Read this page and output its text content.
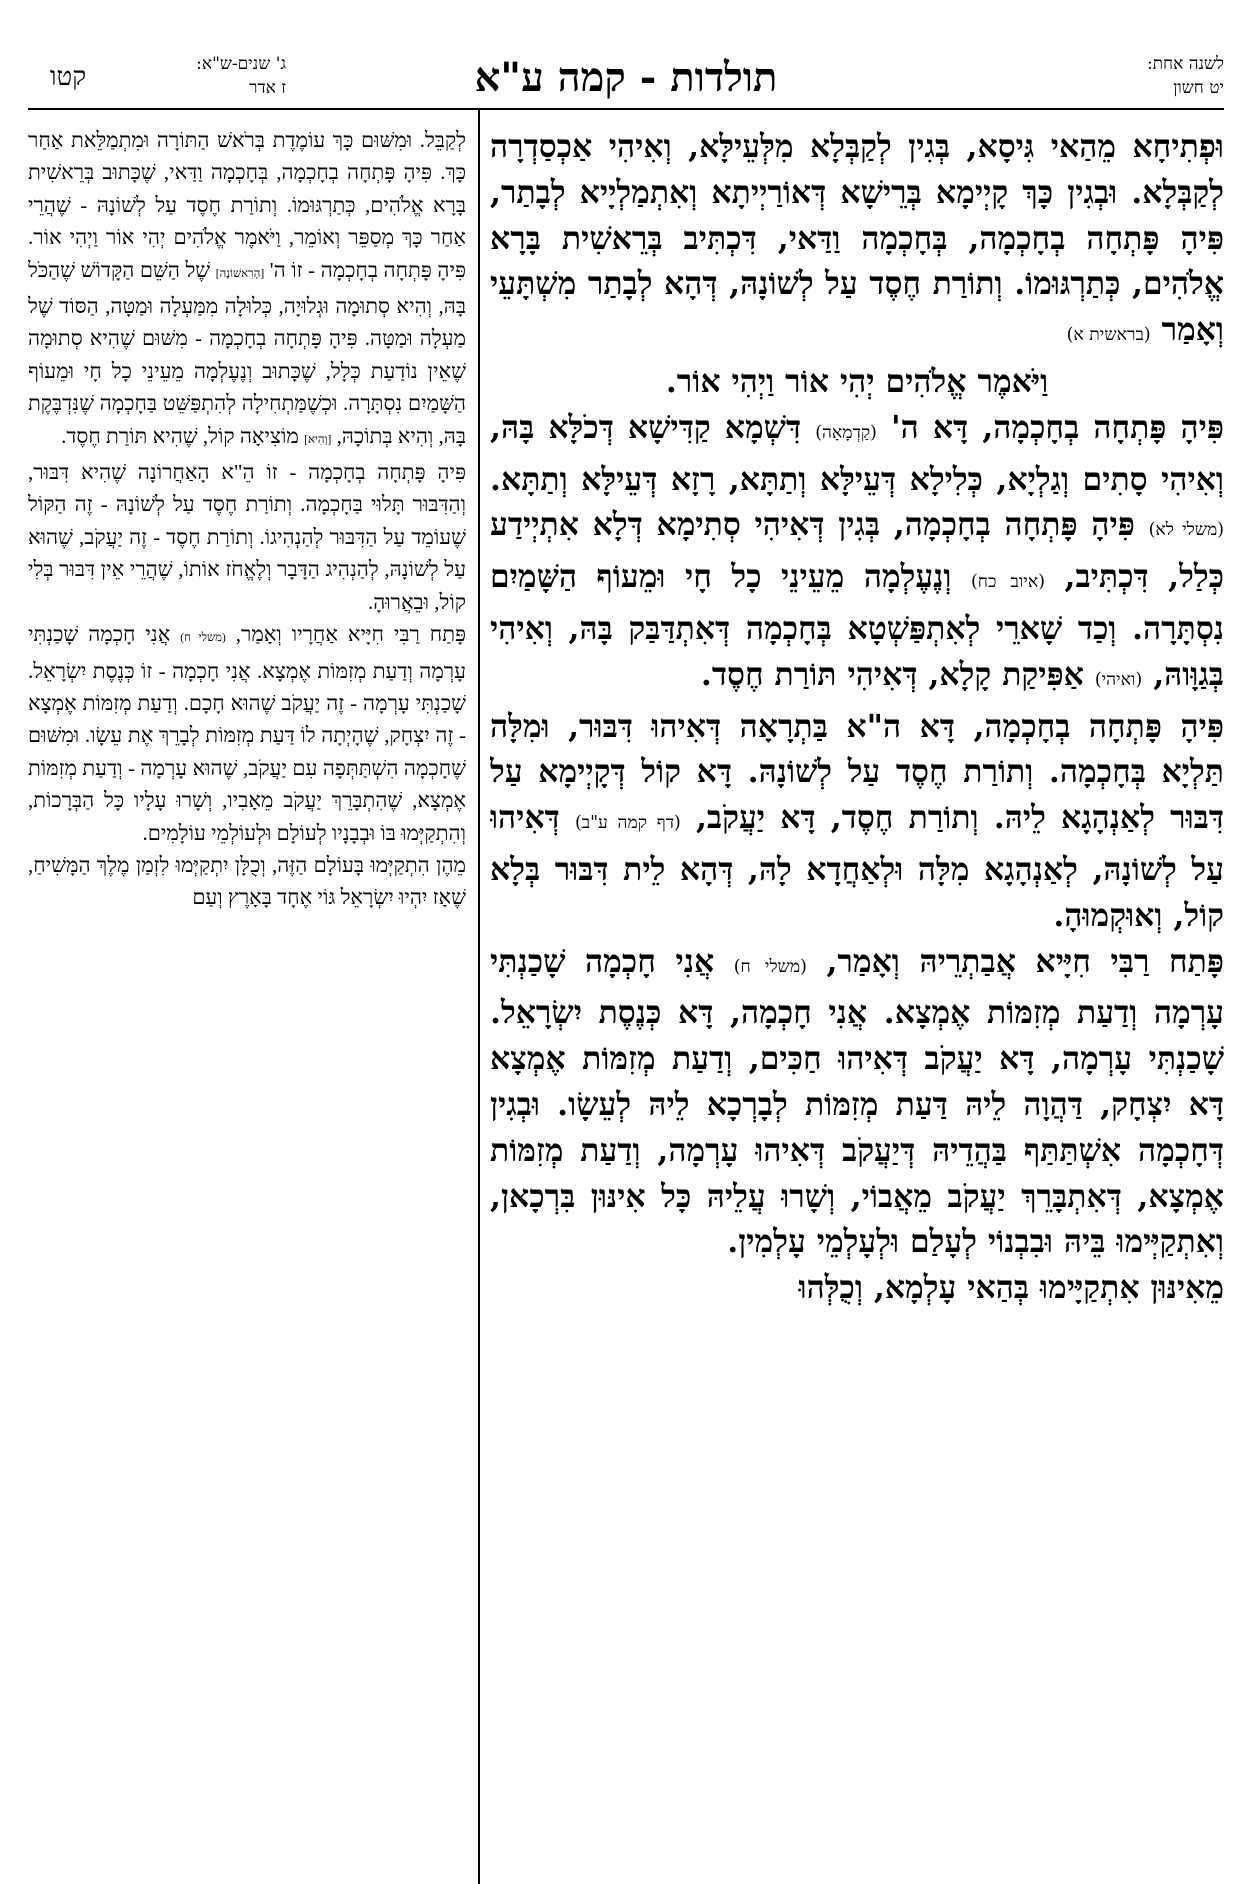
לשנה אחת:
יט חשון
תולדות - קמה ע"א
ג' שנים-ש"א:
ז אדר
קטו

וּפְתִיחָא מֵהַאי גִּיסָא, בְּגִין לְקַבְּלָא מִלְּעֵילָּא, וְאִיהִי אַכְסַדְרָה לְקַבְּלָא. וּבְגִין כָּךְ קָיְימָא בְּרֵישָׁא דְּאוֹרַיְיתָא וְאִתְמַלְיָיא לְבָתַר, פִּיהָ פָּתְחָה בְחָכְמָה, בְּחָכְמָה וַדַּאי, דִּכְתִּיב בְּרֵאשִׁית בָּרָא אֱלֹהִים, כְּתַרְגּוּמוֹ. וְתוֹרַת חֶסֶד עַל לְשׁוֹנָהּ, דְּהָא לְבָתַר מִשְׁתָּעֵי וְאָמַר (בראשית א)

וַיֹּאמֶר אֱלֹהִים יְהִי אוֹר וַיְהִי אוֹר.

פִּיהָ פָּתְחָה בְחָכְמָה, דָּא ה' (קַדְמָאָה) דִּשְׁמָא קַדִּישָׁא דְּכֹלָּא בָּהּ, וְאִיהִי סָתִים וְגַלְיָא, כְּלִילָא דְּעֵילָּא וְתַתָּא, רָזָא דְּעֵילָּא וְתַתָּא. (משלי לא) פִּיהָ פָּתְחָה בְחָכְמָה, בְּגִין דְּאִיהִי סְתִימָא דְּלָא אִתְיְידַע כְּלַל, דִּכְתִּיב, (איוב כח) וְנֶעֶלְמָה מֵעֵינֵי כָל חָי וּמֵעוֹף הַשָּׁמַיִם נִסְתָּרָה. וְכַד שָׁארֵי לְאִתְפַּשְׁטָא בְּחָכְמָה דְּאִתְדַּבַּק בָּהּ, וְאִיהִי בְּגַוָּוהּ, (ואיהי) אַפִּיקַת קָלָא, דְּאִיהִי תּוֹרַת חֶסֶד.

פִּיהָ פָּתְחָה בְחָכְמָה, דָּא ה"א בַּתְרָאָה דְּאִיהוּ דִּבּוּר, וּמִלָּה תַּלְיָא בְּחָכְמָה. וְתוֹרַת חֶסֶד עַל לְשׁוֹנָהּ. דָּא קוֹל דְּקָיְימָא עַל דִּבּוּר לְאַנְהָגָא לֵיהּ. וְתוֹרַת חֶסֶד, דָּא יַעֲקֹב, (דף קמה ע"ב) דְּאִיהוּ עַל לְשׁוֹנָהּ, לְאַנְהָגָא מִלָּה וּלְאַחֲדָא לָהּ, דְּהָא לֵית דִּבּוּר בְּלָא קוֹל, וְאוּקְמוּהָ.

פָּתַח רַבִּי חִיָּיא אֲבַתְרֵיהּ וְאָמַר, (משלי ח) אֲנִי חָכְמָה שָׁכַנְתִּי עָרְמָה וְדַעַת מְזִמּוֹת אֶמְצָא. אֲנִי חָכְמָה, דָּא כְּנֶסֶת יִשְׂרָאֵל. שָׁכַנְתִּי עָרְמָה, דָּא יַעֲקֹב דְּאִיהוּ חַכִּים, וְדַעַת מְזִמּוֹת אֶמְצָא דָּא יִצְחָק, דַּהֲוָה לֵיהּ דַּעַת מְזִמּוֹת לְבָרְכָא לֵיהּ לְעֵשָׂו. וּבְגִין דְּחָכְמָה אִשְׁתַּתַּף בַּהֲדֵיהּ דְּיַעֲקֹב דְּאִיהוּ עָרְמָה, וְדַעַת מְזִמּוֹת אֶמְצָא, דְּאִתְבָּרֵךְ יַעֲקֹב מֵאֲבוֹי, וְשָׁרוּ עֲלֵיהּ כָּל אִינּוּן בִּרְכָאן, וְאִתְקַיְּימוּ בֵּיהּ וּבִבְנוֹי לְעָלַם וּלְעָלְמֵי עָלְמִין.

מֵאִינּוּן אִתְקַיָּימוּ בְּהַאי עָלְמָא, וְכֻלְּהוּ

לְקַבֵּל. וּמִשּׁוּם כָּךְ עוֹמֶדֶת בְּרֹאשׁ הַתּוֹרָה וּמִתְמַלֵּאת אַחַר כָּךְ. פִּיהָ פָּתְחָה בְחָכְמָה, בְּחָכְמָה וַדַּאי, שֶׁכָּתוּב בְּרֵאשִׁית בָּרָא אֱלֹהִים, כְּתַרְגּוּמוֹ. וְתוֹרַת חֶסֶד עַל לְשׁוֹנָהּ - שֶׁהֲרֵי אַחַר כָּךְ מְסַפֵּר וְאוֹמֵר, וַיֹּאמֶר אֱלֹהִים יְהִי אוֹר וַיְהִי אוֹר. פִּיהָ פָּתְחָה בְחָכְמָה - זוֹ ה' [הָרִאשׁוֹנָה] שֶׁל הַשֵּׁם הַקָּדוֹשׁ שֶׁהַכֹּל בָּהּ, וְהִיא סְתוּמָה וּגְלוּיָה, כְּלוּלָה מִמַּעְלָה וּמַטָּה, הַסּוֹד שֶׁל מַעְלָה וּמַטָּה. פִּיהָ פָּתְחָה בְחָכְמָה - מִשּׁוּם שֶׁהִיא סְתוּמָה שֶׁאֵין נוֹדַעַת כְּלָל, שֶׁכָּתוּב וְנֶעֶלְמָה מֵעֵינֵי כָל חָי וּמֵעוֹף הַשָּׁמַיִם נִסְתָּרָה. וּכְשֶׁמַּתְחִילָה לְהִתְפַּשֵּׁט בַּחָכְמָה שֶׁנִּדְבֶּקֶת בָּהּ, וְהִיא בְּתוֹכָהּ, [וְהִיא] מוֹצִיאָה קוֹל, שֶׁהִיא תּוֹרַת חֶסֶד.

פִּיהָ פָּתְחָה בְחָכְמָה - זוֹ הֵ"א הָאַחֲרוֹנָה שֶׁהִיא דִּבּוּר, וְהַדִּבּוּר תָּלוּי בַּחָכְמָה. וְתוֹרַת חֶסֶד עַל לְשׁוֹנָהּ - זֶה הַקּוֹל שֶׁעוֹמֵד עַל הַדִּבּוּר לְהַנְהִיגוֹ. וְתוֹרַת חֶסֶד - זֶה יַעֲקֹב, שֶׁהוּא עַל לְשׁוֹנָהּ, לְהַנְהִיג הַדָּבָר וְלֶאֱחֹז אוֹתוֹ, שֶׁהֲרֵי אֵין דִּבּוּר בְּלִי קוֹל, וּבֵאֲרוּהָ.

פָּתַח רַבִּי חִיָּיא אַחֲרָיו וְאָמַר, (משלי ח) אֲנִי חָכְמָה שָׁכַנְתִּי עָרְמָה וְדַעַת מְזִמּוֹת אֶמְצָא. אֲנִי חָכְמָה - זוֹ כְּנֶסֶת יִשְׂרָאֵל. שָׁכַנְתִּי עָרְמָה - זֶה יַעֲקֹב שֶׁהוּא חָכָם. וְדַעַת מְזִמּוֹת אֶמְצָא - זֶה יִצְחָק, שֶׁהָיְתָה לוֹ דַּעַת מְזִמּוֹת לְבָרֵךְ אֶת עֵשָׂו. וּמִשּׁוּם שֶׁחָכְמָה הִשְׁתַּתְּפָה עִם יַעֲקֹב, שֶׁהוּא עָרְמָה - וְדַעַת מְזִמּוֹת אֶמְצָא, שֶׁהִתְבָּרֵךְ יַעֲקֹב מֵאָבִיו, וְשָׁרוּ עָלָיו כָּל הַבְּרָכוֹת, וְהִתְקַיְּמוּ בּוֹ וּבְבָנָיו לְעוֹלָם וּלְעוֹלְמֵי עוֹלָמִים.

מֵהֶן הִתְקַיְּמוּ בָּעוֹלָם הַזֶּה, וְכֻלָּן יִתְקַיְּמוּ לִזְמַן מֶלֶךְ הַמָּשִׁיחַ, שֶׁאָז יִהְיוּ יִשְׂרָאֵל גּוֹי אֶחָד בָּאָרֶץ וְעַם
